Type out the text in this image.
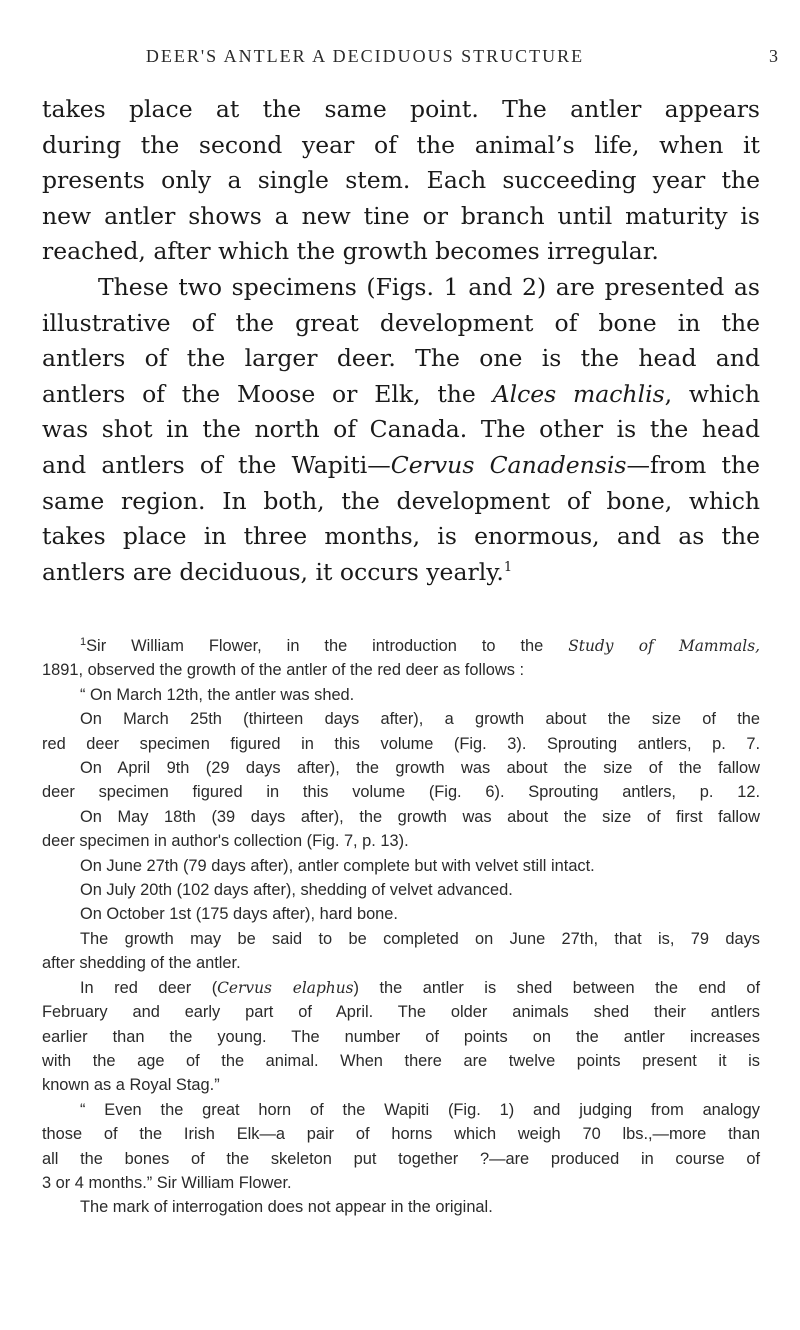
DEER'S ANTLER A DECIDUOUS STRUCTURE	3
takes place at the same point. The antler appears
during the second year of the animal’s life, when it
presents only a single stem. Each succeeding year the
new antler shows a new tine or branch until maturity is
reached, after which the growth becomes irregular.
These two specimens (Figs. 1 and 2) are presented as
illustrative of the great development of bone in the
antlers of the larger deer. The one is the head and
antlers of the Moose or Elk, the Alces machlis, which
was shot in the north of Canada. The other is the head
and antlers of the Wapiti—Cervus Canadensis—from the
same region. In both, the development of bone, which
takes place in three months, is enormous, and as the
antlers are deciduous, it occurs yearly.$^1$
$^1$Sir William Flower, in the introduction to the Study of Mammals,
1891, observed the growth of the antler of the red deer as follows :
“ On March 12th, the antler was shed.
On March 25th (thirteen days after), a growth about the size of the
red deer specimen figured in this volume (Fig. 3). Sprouting antlers, p. 7.
On April 9th (29 days after), the growth was about the size of the fallow
deer specimen figured in this volume (Fig. 6). Sprouting antlers, p. 12.
On May 18th (39 days after), the growth was about the size of first fallow
deer specimen in author's collection (Fig. 7, p. 13).
On June 27th (79 days after), antler complete but with velvet still intact.
On July 20th (102 days after), shedding of velvet advanced.
On October 1st (175 days after), hard bone.
The growth may be said to be completed on June 27th, that is, 79 days
after shedding of the antler.
In red deer (Cervus elaphus) the antler is shed between the end of
February and early part of April. The older animals shed their antlers
earlier than the young. The number of points on the antler increases
with the age of the animal. When there are twelve points present it is
known as a Royal Stag.”
“ Even the great horn of the Wapiti (Fig. 1) and judging from analogy
those of the Irish Elk—a pair of horns which weigh 70 lbs.,—more than
all the bones of the skeleton put together ?—are produced in course of
3 or 4 months.” Sir William Flower.
The mark of interrogation does not appear in the original.
